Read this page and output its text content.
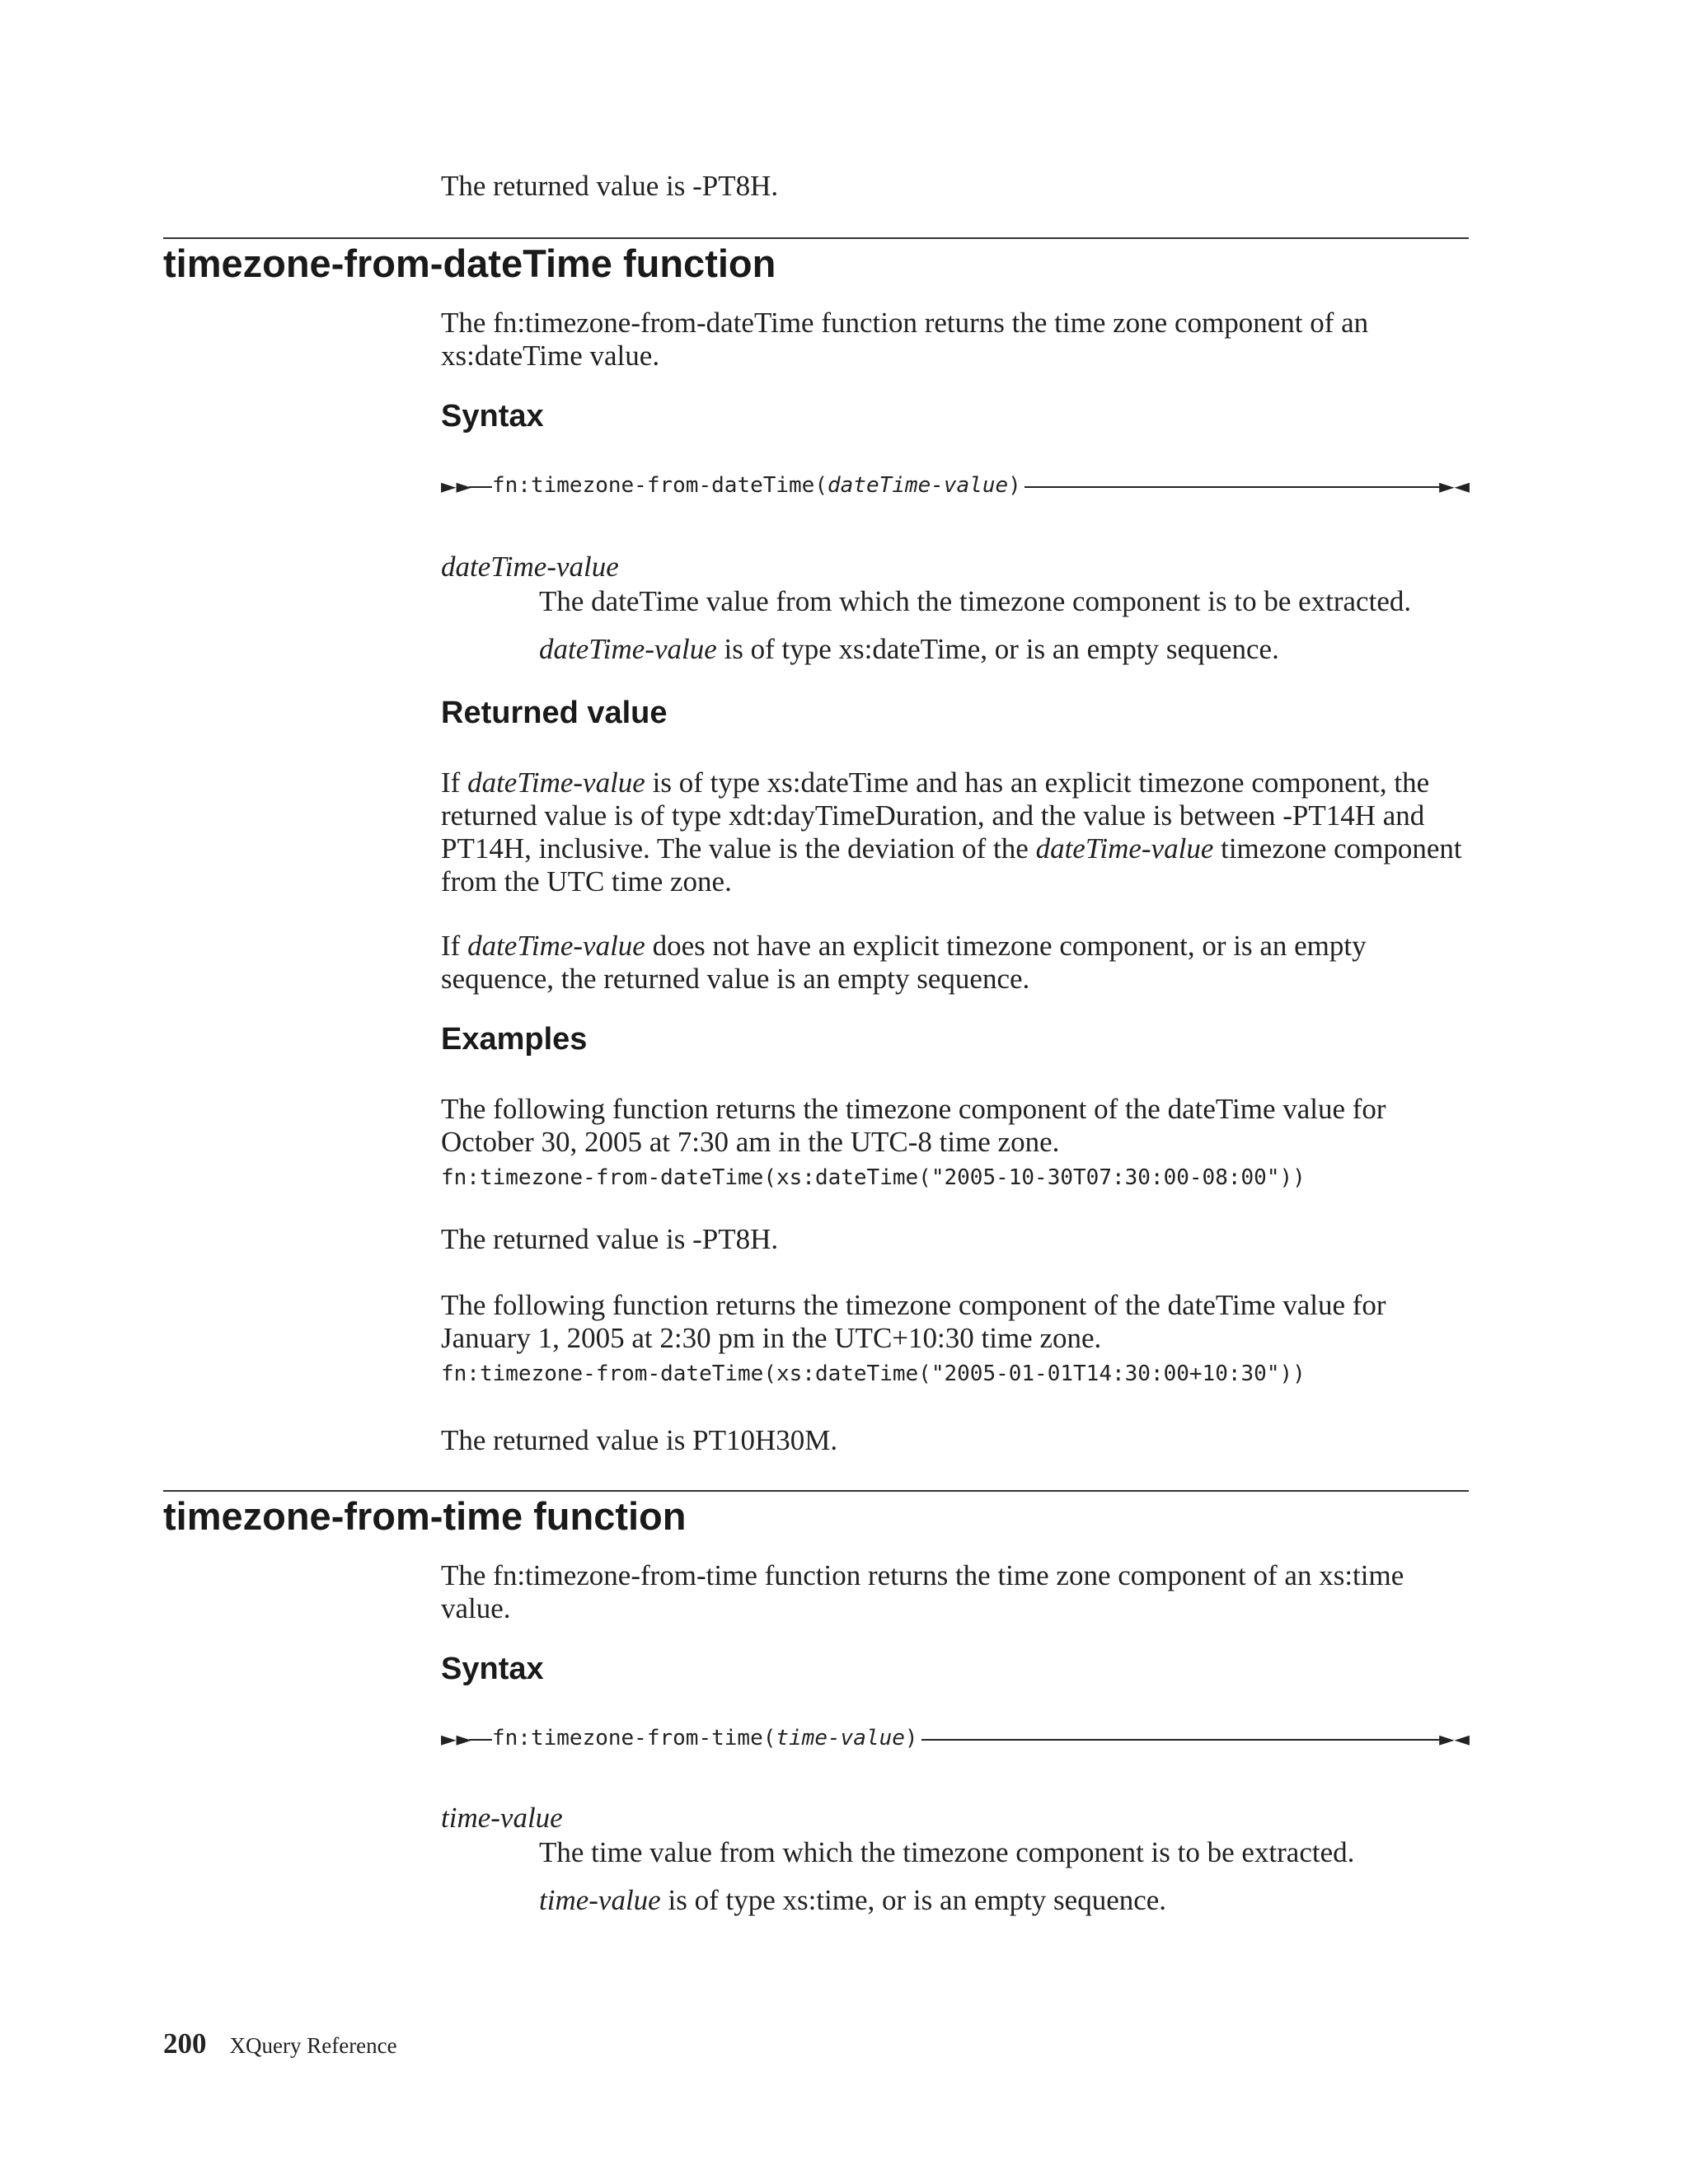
The returned value is -PT8H.
timezone-from-dateTime function
The fn:timezone-from-dateTime function returns the time zone component of an xs:dateTime value.
Syntax
►► fn:timezone-from-dateTime(dateTime-value)	►◄
dateTime-value
The dateTime value from which the timezone component is to be extracted.
dateTime-value is of type xs:dateTime, or is an empty sequence.
Returned value
If dateTime-value is of type xs:dateTime and has an explicit timezone component, the returned value is of type xdt:dayTimeDuration, and the value is between -PT14H and PT14H, inclusive. The value is the deviation of the dateTime-value timezone component from the UTC time zone.
If dateTime-value does not have an explicit timezone component, or is an empty sequence, the returned value is an empty sequence.
Examples
The following function returns the timezone component of the dateTime value for October 30, 2005 at 7:30 am in the UTC-8 time zone.
fn:timezone-from-dateTime(xs:dateTime("2005-10-30T07:30:00-08:00"))
The returned value is -PT8H.
The following function returns the timezone component of the dateTime value for January 1, 2005 at 2:30 pm in the UTC+10:30 time zone.
fn:timezone-from-dateTime(xs:dateTime("2005-01-01T14:30:00+10:30"))
The returned value is PT10H30M.
timezone-from-time function
The fn:timezone-from-time function returns the time zone component of an xs:time value.
Syntax
►► fn:timezone-from-time(time-value)	►◄
time-value
The time value from which the timezone component is to be extracted.
time-value is of type xs:time, or is an empty sequence.
200 XQuery Reference
